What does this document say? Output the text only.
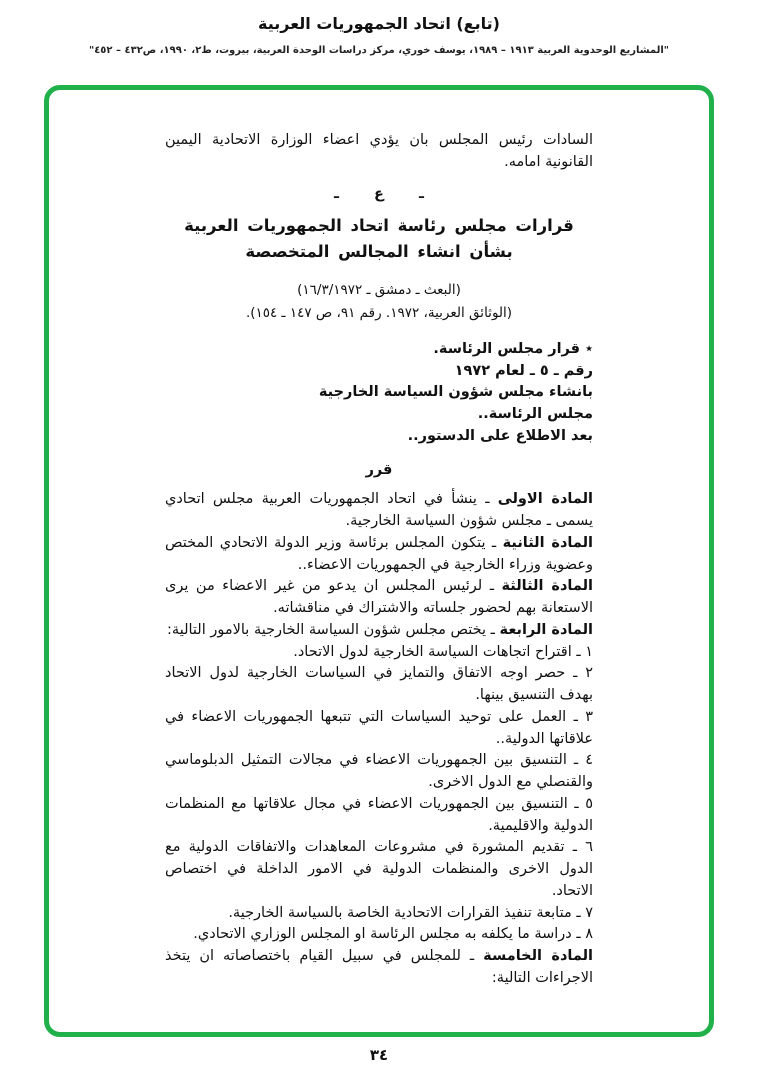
(تابع) اتحاد الجمهوريات العربية
"المشاريع الوحدوية العربية ١٩١٣ – ١٩٨٩، يوسف خوري، مركز دراسات الوحدة العربية، بيروت، ط٢، ١٩٩٠، ص٤٣٢ – ٤٥٢"

السادات رئيس المجلس بان يؤدي اعضاء الوزارة الاتحادية اليمين القانونية امامه.

ـ ع ـ

قرارات مجلس رئاسة اتحاد الجمهوريات العربية

بشأن انشاء المجالس المتخصصة

(البعث ـ دمشق ـ ١٦/٣/١٩٧٢)

(الوثائق العربية، ١٩٧٢. رقم ٩١، ص ١٤٧ ـ ١٥٤).

٭ قرار مجلس الرئاسة.

رقم ـ ٥ ـ لعام ١٩٧٢

بانشاء مجلس شؤون السياسة الخارجية

مجلس الرئاسة..

بعد الاطلاع على الدستور..

قرر

المادة الاولى ـ ينشأ في اتحاد الجمهوريات العربية مجلس اتحادي يسمى ـ مجلس شؤون السياسة الخارجية.

المادة الثانية ـ يتكون المجلس برئاسة وزير الدولة الاتحادي المختص وعضوية وزراء الخارجية في الجمهوريات الاعضاء..

المادة الثالثة ـ لرئيس المجلس ان يدعو من غير الاعضاء من يرى الاستعانة بهم لحضور جلساته والاشتراك في مناقشاته.

المادة الرابعة ـ يختص مجلس شؤون السياسة الخارجية بالامور التالية:

١ ـ اقتراح اتجاهات السياسة الخارجية لدول الاتحاد.

٢ ـ حصر اوجه الاتفاق والتمايز في السياسات الخارجية لدول الاتحاد بهدف التنسيق بينها.

٣ ـ العمل على توحيد السياسات التي تتبعها الجمهوريات الاعضاء في علاقاتها الدولية..

٤ ـ التنسيق بين الجمهوريات الاعضاء في مجالات التمثيل الدبلوماسي والقنصلي مع الدول الاخرى.

٥ ـ التنسيق بين الجمهوريات الاعضاء في مجال علاقاتها مع المنظمات الدولية والاقليمية.

٦ ـ تقديم المشورة في مشروعات المعاهدات والاتفاقات الدولية مع الدول الاخرى والمنظمات الدولية في الامور الداخلة في اختصاص الاتحاد.

٧ ـ متابعة تنفيذ القرارات الاتحادية الخاصة بالسياسة الخارجية.

٨ ـ دراسة ما يكلفه به مجلس الرئاسة او المجلس الوزاري الاتحادي.

المادة الخامسة ـ للمجلس في سبيل القيام باختصاصاته ان يتخذ الاجراءات التالية:

٣٤
